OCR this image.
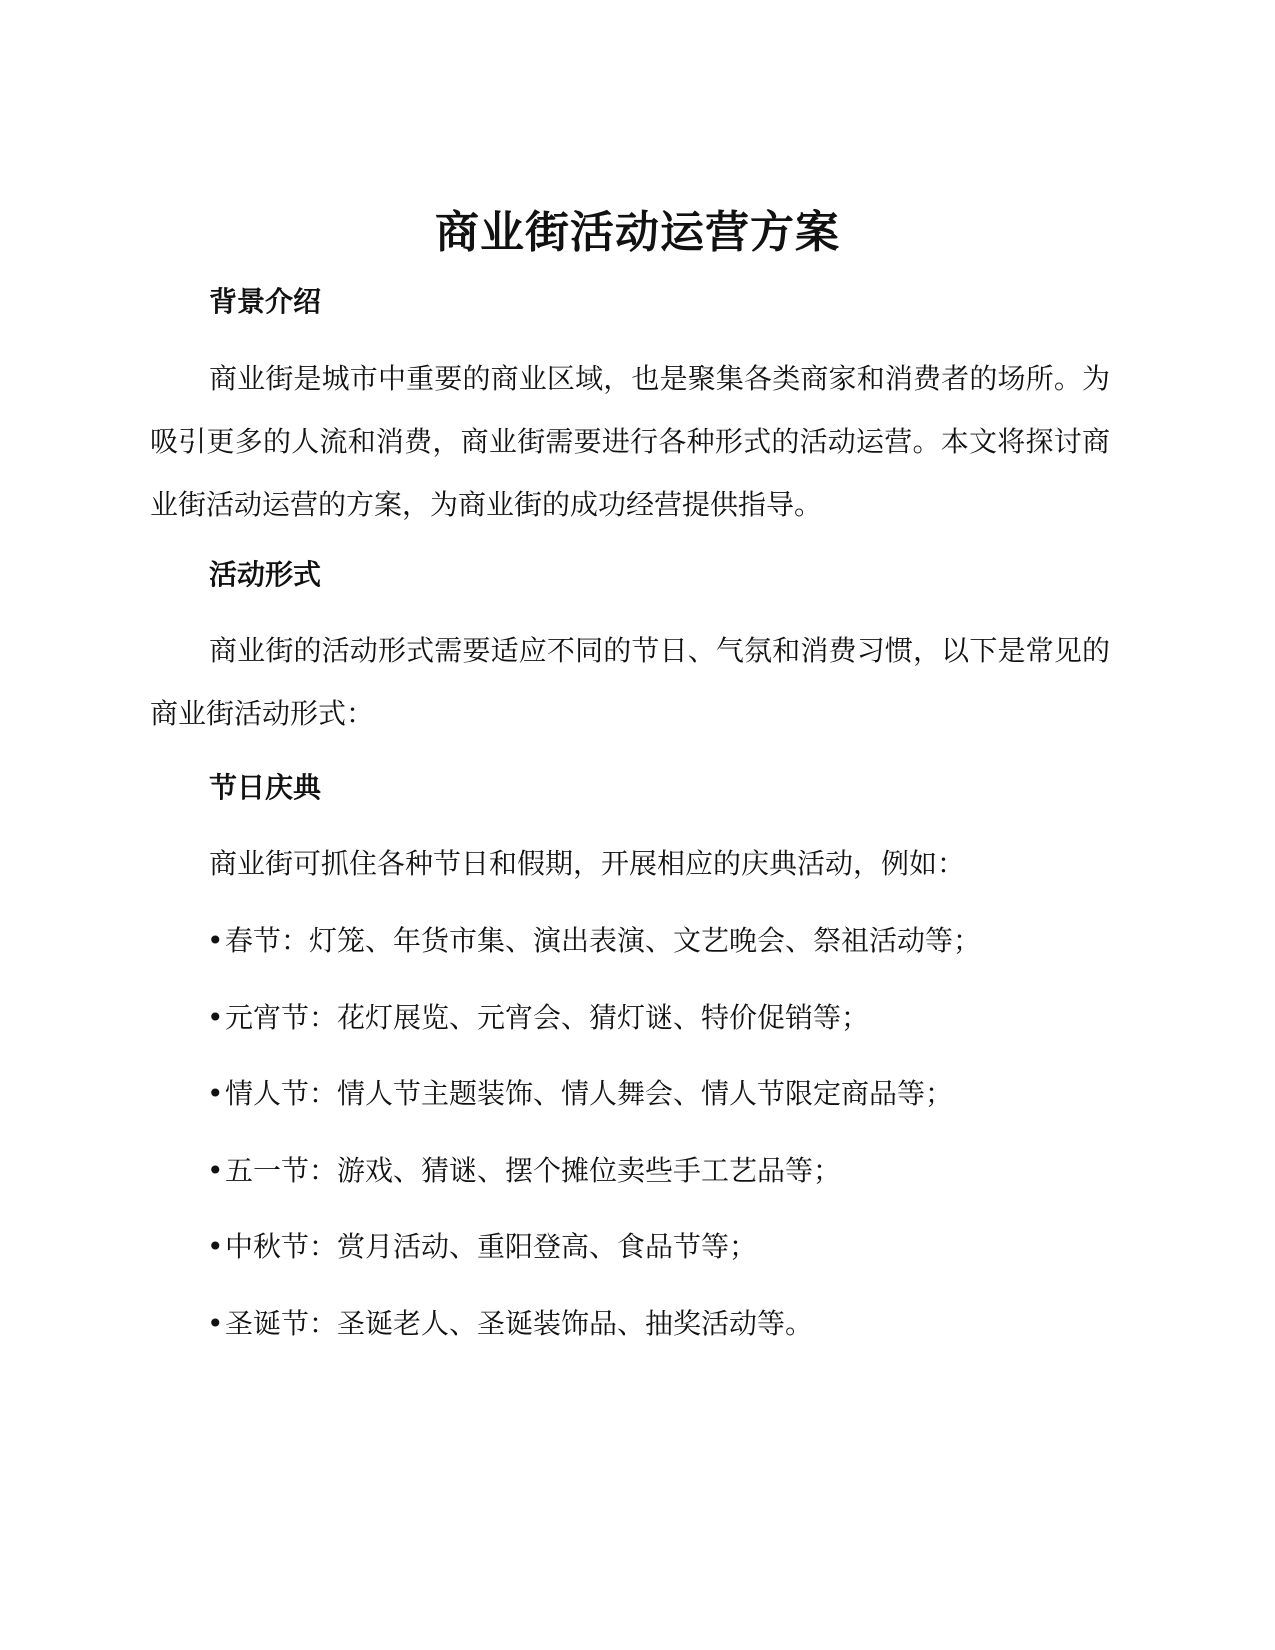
商业街活动运营方案
背景介绍
商业街是城市中重要的商业区域，也是聚集各类商家和消费者的场所。为吸引更多的人流和消费，商业街需要进行各种形式的活动运营。本文将探讨商业街活动运营的方案，为商业街的成功经营提供指导。
活动形式
商业街的活动形式需要适应不同的节日、气氛和消费习惯，以下是常见的商业街活动形式：
节日庆典
商业街可抓住各种节日和假期，开展相应的庆典活动，例如：
•春节：灯笼、年货市集、演出表演、文艺晚会、祭祖活动等；
•元宵节：花灯展览、元宵会、猜灯谜、特价促销等；
•情人节：情人节主题装饰、情人舞会、情人节限定商品等；
•五一节：游戏、猜谜、摆个摊位卖些手工艺品等；
•中秋节：赏月活动、重阳登高、食品节等；
•圣诞节：圣诞老人、圣诞装饰品、抽奖活动等。
